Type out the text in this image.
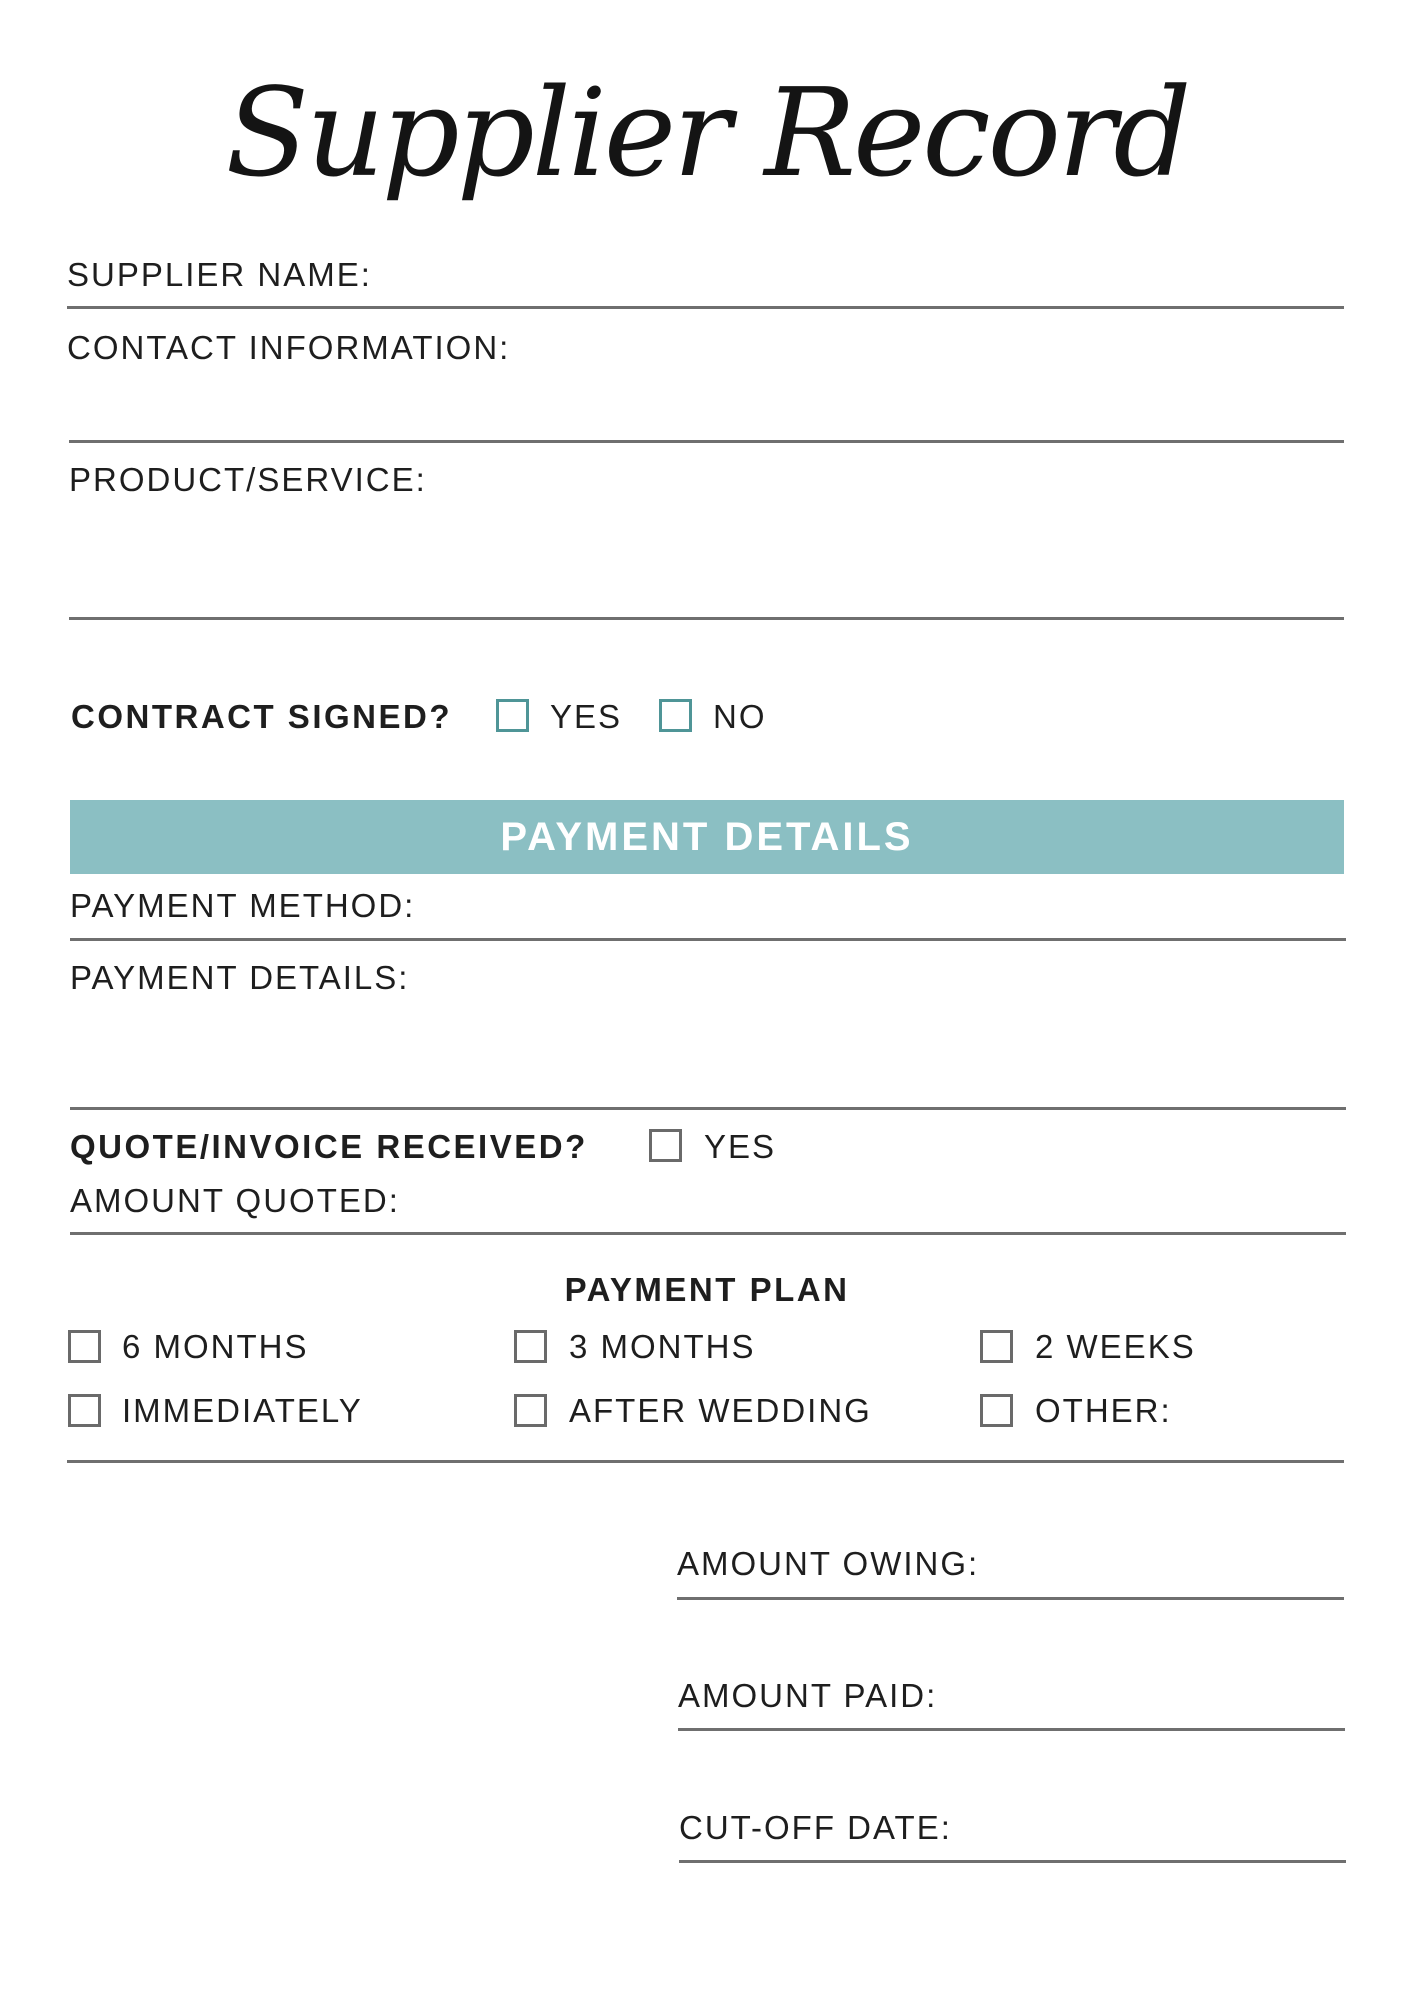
Supplier Record
SUPPLIER NAME:
CONTACT INFORMATION:
PRODUCT/SERVICE:
CONTRACT SIGNED?	YES	NO
PAYMENT DETAILS
PAYMENT METHOD:
PAYMENT DETAILS:
QUOTE/INVOICE RECEIVED?	YES
AMOUNT QUOTED:
PAYMENT PLAN
6 MONTHS	3 MONTHS	2 WEEKS
IMMEDIATELY	AFTER WEDDING	OTHER:
AMOUNT OWING:
AMOUNT PAID:
CUT-OFF DATE:
